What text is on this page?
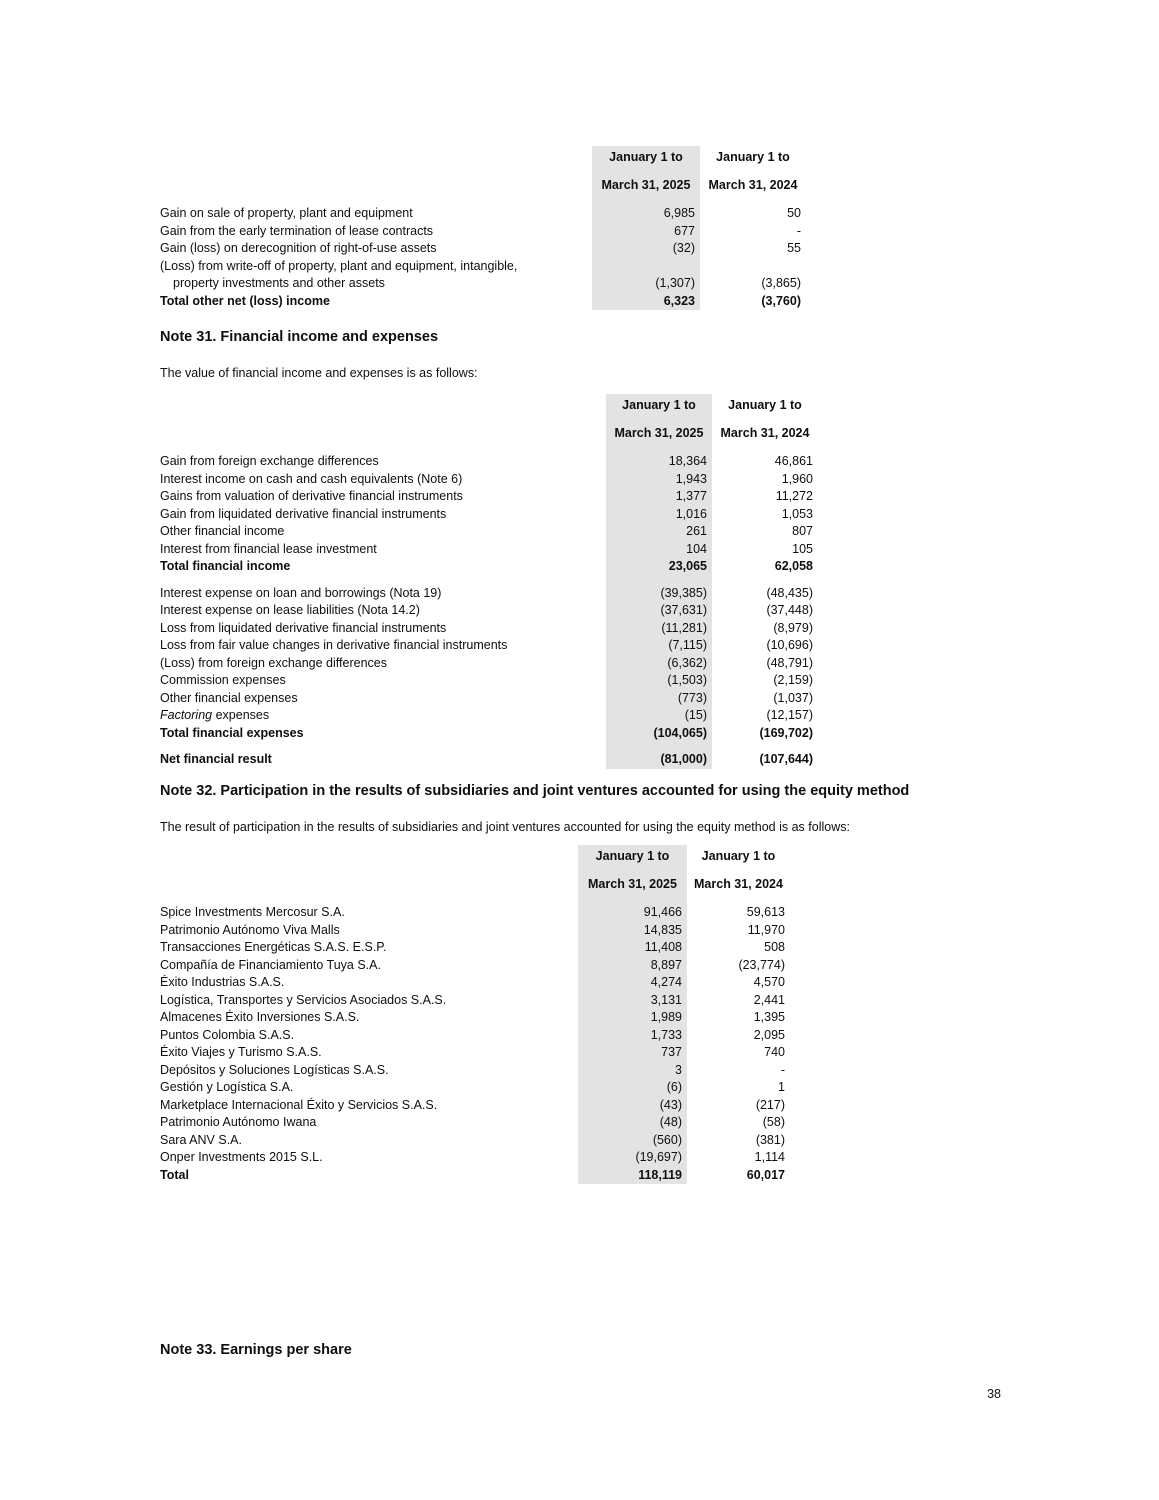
January 1 to
March 31, 2025
January 1 to
March 31, 2024
Gain on sale of property, plant and equipment	6,985	50
Gain from the early termination of lease contracts	677	-
Gain (loss) on derecognition of right-of-use assets	(32)	55
(Loss) from write-off of property, plant and equipment, intangible,
property investments and other assets	(1,307)	(3,865)
Total other net (loss) income	6,323	(3,760)
Note 31. Financial income and expenses

The value of financial income and expenses is as follows:

January 1 to
March 31, 2025
January 1 to
March 31, 2024
Gain from foreign exchange differences	18,364	46,861
Interest income on cash and cash equivalents (Note 6)	1,943	1,960
Gains from valuation of derivative financial instruments	1,377	11,272
Gain from liquidated derivative financial instruments	1,016	1,053
Other financial income	261	807
Interest from financial lease investment	104	105
Total financial income	23,065	62,058
Interest expense on loan and borrowings (Nota 19)	(39,385)	(48,435)
Interest expense on lease liabilities (Nota 14.2)	(37,631)	(37,448)
Loss from liquidated derivative financial instruments	(11,281)	(8,979)
Loss from fair value changes in derivative financial instruments	(7,115)	(10,696)
(Loss) from foreign exchange differences	(6,362)	(48,791)
Commission expenses	(1,503)	(2,159)
Other financial expenses	(773)	(1,037)
Factoring expenses	(15)	(12,157)
Total financial expenses	(104,065)	(169,702)
Net financial result	(81,000)	(107,644)
Note 32. Participation in the results of subsidiaries and joint ventures accounted for using the equity method

The result of participation in the results of subsidiaries and joint ventures accounted for using the equity method is as follows:

January 1 to
March 31, 2025
January 1 to
March 31, 2024
Spice Investments Mercosur S.A.	91,466	59,613
Patrimonio Autónomo Viva Malls	14,835	11,970
Transacciones Energéticas S.A.S. E.S.P.	11,408	508
Compañía de Financiamiento Tuya S.A.	8,897	(23,774)
Éxito Industrias S.A.S.	4,274	4,570
Logística, Transportes y Servicios Asociados S.A.S.	3,131	2,441
Almacenes Éxito Inversiones S.A.S.	1,989	1,395
Puntos Colombia S.A.S.	1,733	2,095
Éxito Viajes y Turismo S.A.S.	737	740
Depósitos y Soluciones Logísticas S.A.S.	3	-
Gestión y Logística S.A.	(6)	1
Marketplace Internacional Éxito y Servicios S.A.S.	(43)	(217)
Patrimonio Autónomo Iwana	(48)	(58)
Sara ANV S.A.	(560)	(381)
Onper Investments 2015 S.L.	(19,697)	1,114
Total	118,119	60,017
Note 33. Earnings per share
38
